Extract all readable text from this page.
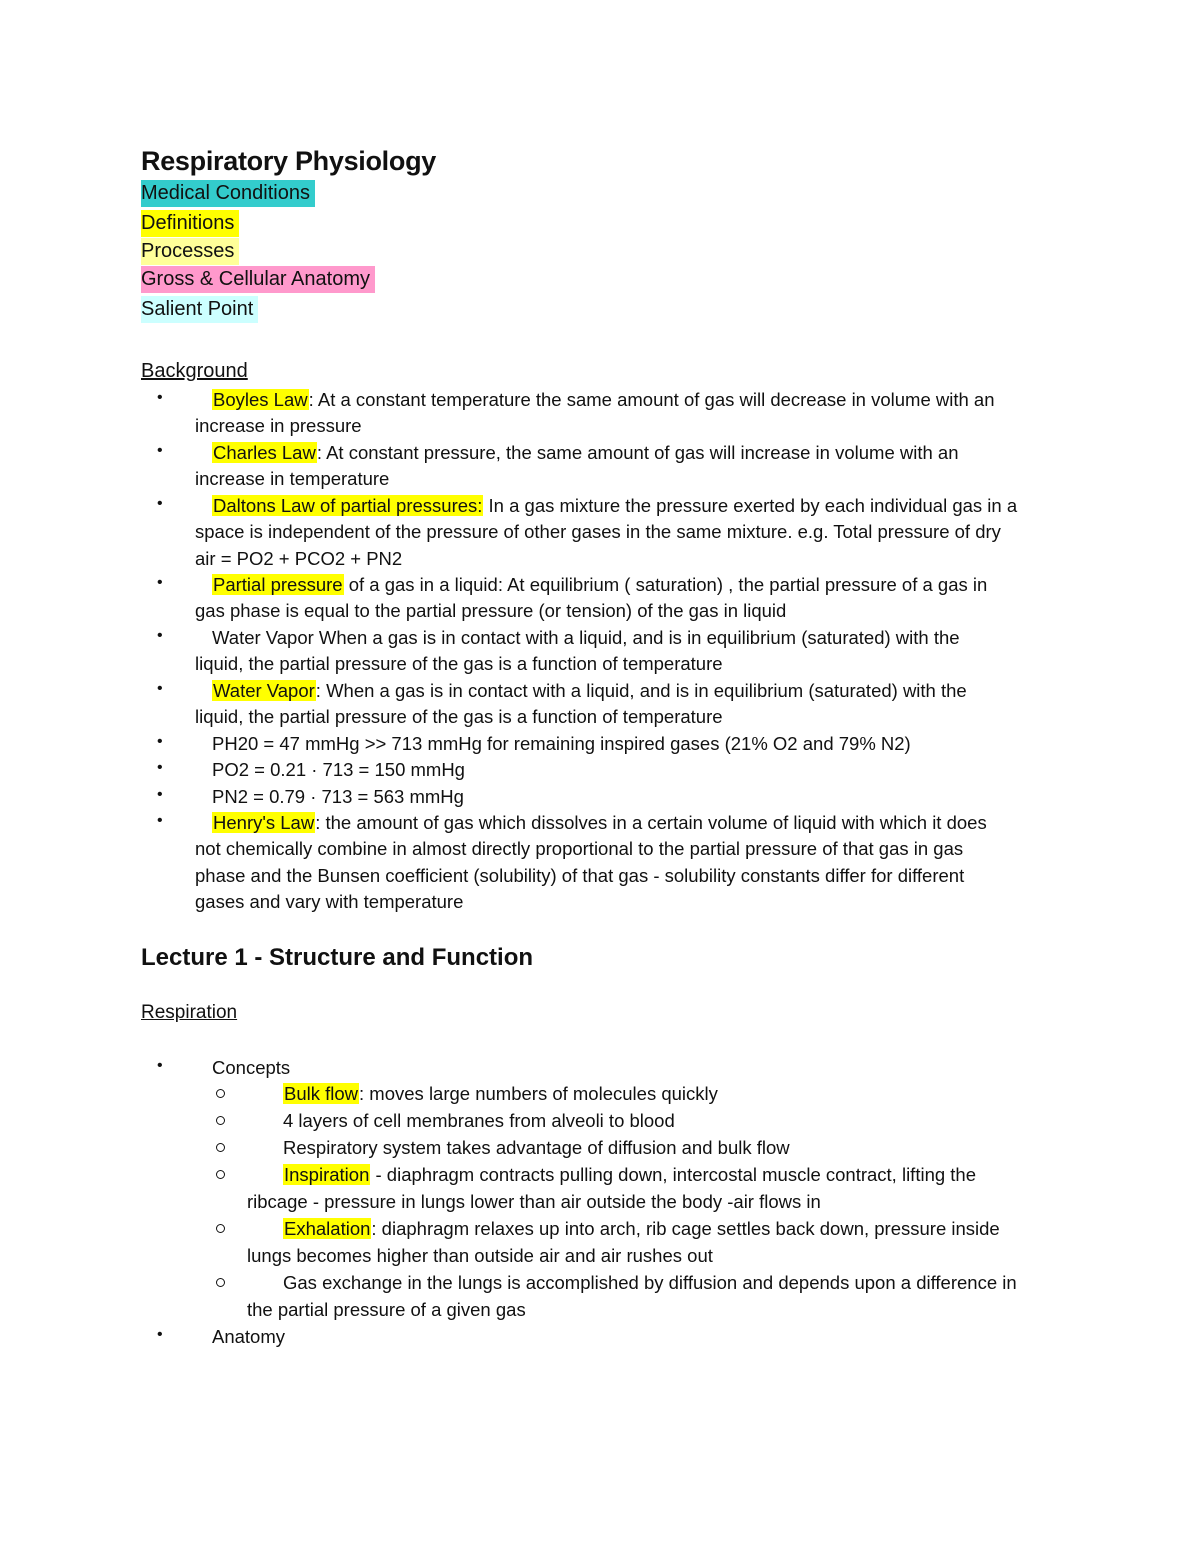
Respiratory Physiology
Medical Conditions
Definitions
Processes
Gross & Cellular Anatomy
Salient Point
Background
•	Boyles Law: At a constant temperature the same amount of gas will decrease in volume with an
increase in pressure
•	Charles Law: At constant pressure, the same amount of gas will increase in volume with an
increase in temperature
•	Daltons Law of partial pressures: In a gas mixture the pressure exerted by each individual gas in a
space is independent of the pressure of other gases in the same mixture. e.g. Total pressure of dry
air = PO2 + PCO2 + PN2
•	Partial pressure of a gas in a liquid: At equilibrium ( saturation) , the partial pressure of a gas in
gas phase is equal to the partial pressure (or tension) of the gas in liquid
•	Water Vapor When a gas is in contact with a liquid, and is in equilibrium (saturated) with the
liquid, the partial pressure of the gas is a function of temperature
•	Water Vapor: When a gas is in contact with a liquid, and is in equilibrium (saturated) with the
liquid, the partial pressure of the gas is a function of temperature
•	PH20 = 47 mmHg >> 713 mmHg for remaining inspired gases (21% O2 and 79% N2)
•	PO2 = 0.21 · 713 = 150 mmHg
•	PN2 = 0.79 · 713 = 563 mmHg
•	Henry's Law: the amount of gas which dissolves in a certain volume of liquid with which it does
not chemically combine in almost directly proportional to the partial pressure of that gas in gas
phase and the Bunsen coefficient (solubility) of that gas - solubility constants differ for different
gases and vary with temperature
Lecture 1 - Structure and Function
Respiration
•	Concepts
Bulk flow: moves large numbers of molecules quickly
4 layers of cell membranes from alveoli to blood
Respiratory system takes advantage of diffusion and bulk flow
Inspiration - diaphragm contracts pulling down, intercostal muscle contract, lifting the
ribcage - pressure in lungs lower than air outside the body -air flows in
Exhalation: diaphragm relaxes up into arch, rib cage settles back down, pressure inside
lungs becomes higher than outside air and air rushes out
Gas exchange in the lungs is accomplished by diffusion and depends upon a difference in
the partial pressure of a given gas
•	Anatomy
